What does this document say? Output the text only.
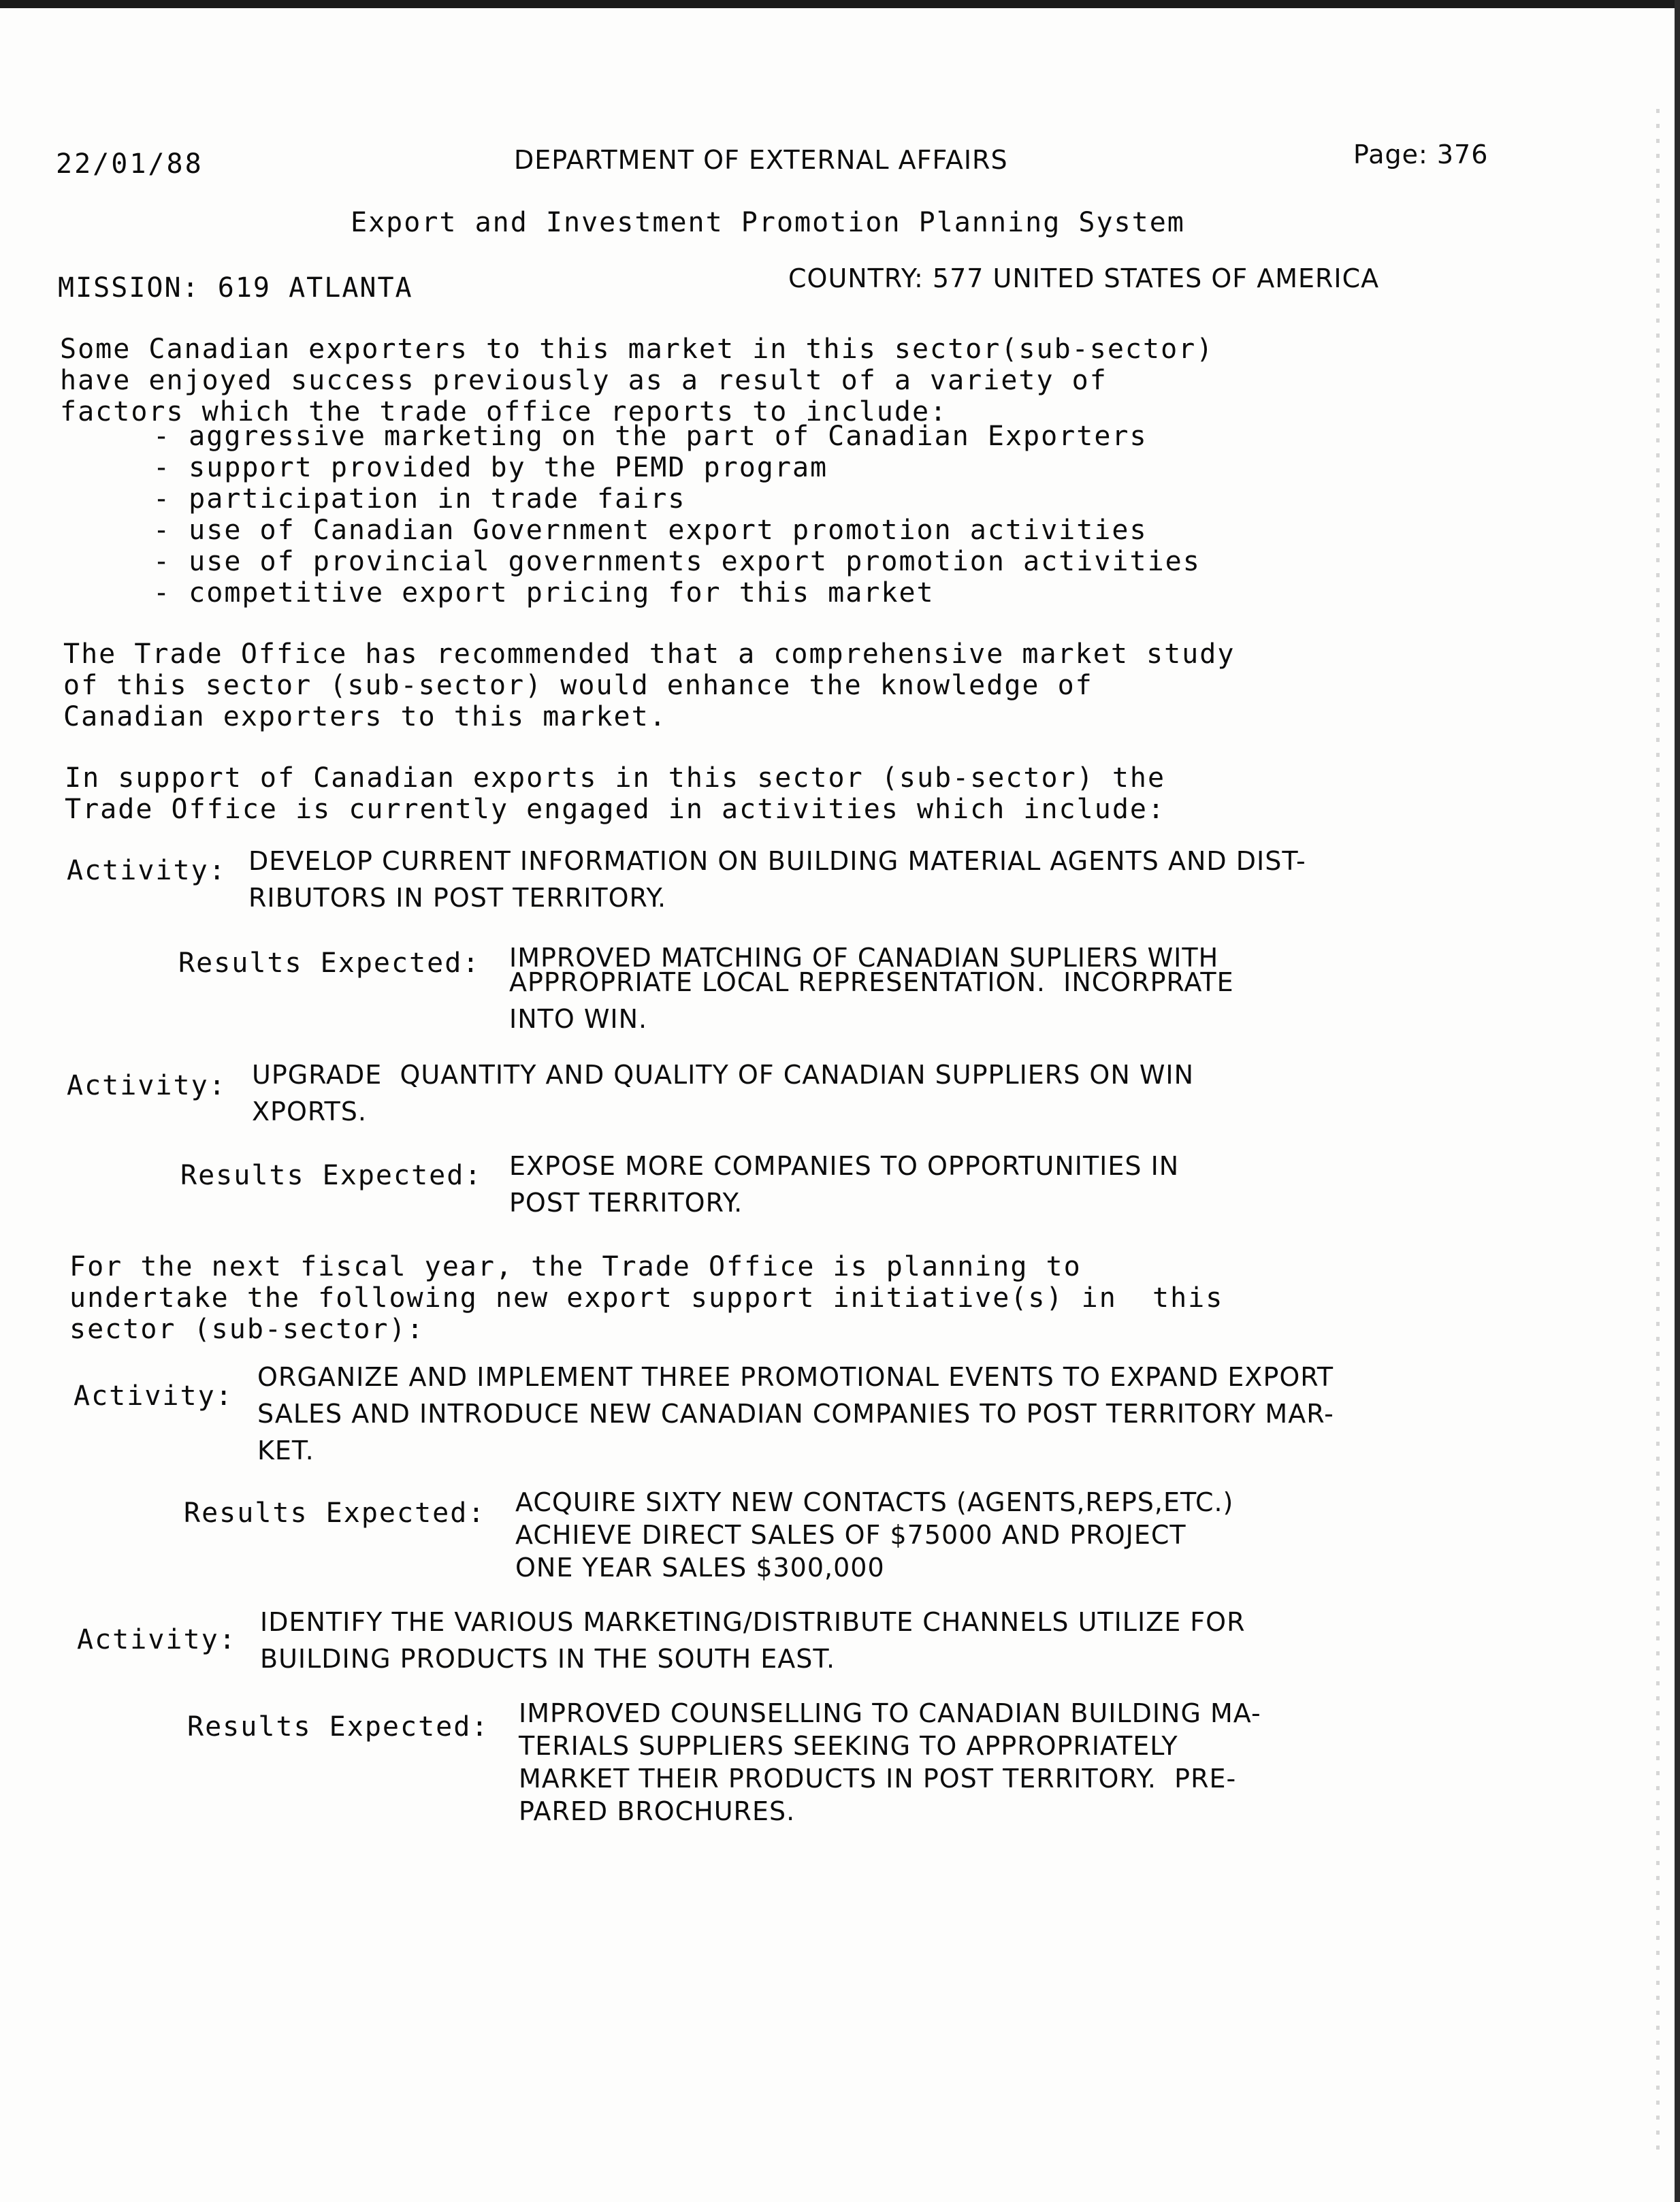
22/01/88	DEPARTMENT OF EXTERNAL AFFAIRS	Page: 376
Export and Investment Promotion Planning System
MISSION: 619 ATLANTA	COUNTRY: 577 UNITED STATES OF AMERICA
Some Canadian exporters to this market in this sector(sub-sector)
have enjoyed success previously as a result of a variety of
factors which the trade office reports to include:
- aggressive marketing on the part of Canadian Exporters
- support provided by the PEMD program
- participation in trade fairs
- use of Canadian Government export promotion activities
- use of provincial governments export promotion activities
- competitive export pricing for this market
The Trade Office has recommended that a comprehensive market study
of this sector (sub-sector) would enhance the knowledge of
Canadian exporters to this market.
In support of Canadian exports in this sector (sub-sector) the
Trade Office is currently engaged in activities which include:
Activity: DEVELOP CURRENT INFORMATION ON BUILDING MATERIAL AGENTS AND DIST-
RIBUTORS IN POST TERRITORY.
Results Expected: IMPROVED MATCHING OF CANADIAN SUPLIERS WITH
APPROPRIATE LOCAL REPRESENTATION.  INCORPRATE
INTO WIN.
Activity: UPGRADE  QUANTITY AND QUALITY OF CANADIAN SUPPLIERS ON WIN
XPORTS.
Results Expected: EXPOSE MORE COMPANIES TO OPPORTUNITIES IN
POST TERRITORY.
For the next fiscal year, the Trade Office is planning to
undertake the following new export support initiative(s) in  this
sector (sub-sector):
Activity:
ORGANIZE AND IMPLEMENT THREE PROMOTIONAL EVENTS TO EXPAND EXPORT
SALES AND INTRODUCE NEW CANADIAN COMPANIES TO POST TERRITORY MAR-
KET.
Results Expected: ACQUIRE SIXTY NEW CONTACTS (AGENTS,REPS,ETC.)
ACHIEVE DIRECT SALES OF $75000 AND PROJECT
ONE YEAR SALES $300,000
Activity:
IDENTIFY THE VARIOUS MARKETING/DISTRIBUTE CHANNELS UTILIZE FOR
BUILDING PRODUCTS IN THE SOUTH EAST.
Results Expected: IMPROVED COUNSELLING TO CANADIAN BUILDING MA-
TERIALS SUPPLIERS SEEKING TO APPROPRIATELY
MARKET THEIR PRODUCTS IN POST TERRITORY.  PRE-
PARED BROCHURES.
